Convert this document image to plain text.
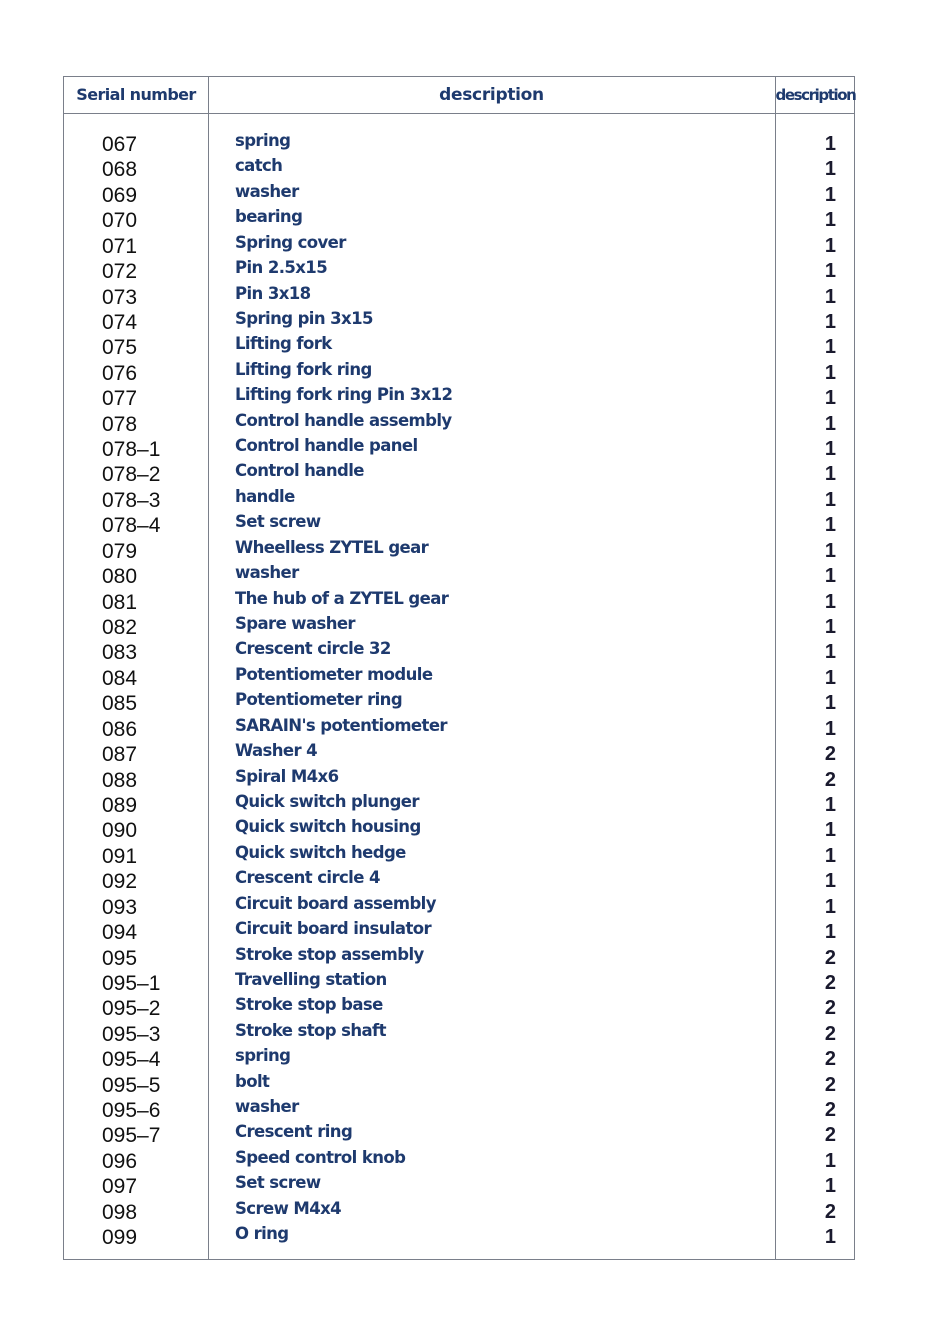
Serial number	description	description
067	spring	1
068	catch	1
069	washer	1
070	bearing	1
071	Spring cover	1
072	Pin 2.5x15	1
073	Pin 3x18	1
074	Spring pin 3x15	1
075	Lifting fork	1
076	Lifting fork ring	1
077	Lifting fork ring Pin 3x12	1
078	Control handle assembly	1
078–1	Control handle panel	1
078–2	Control handle	1
078–3	handle	1
078–4	Set screw	1
079	Wheelless ZYTEL gear	1
080	washer	1
081	The hub of a ZYTEL gear	1
082	Spare washer	1
083	Crescent circle 32	1
084	Potentiometer module	1
085	Potentiometer ring	1
086	SARAIN's potentiometer	1
087	Washer 4	2
088	Spiral M4x6	2
089	Quick switch plunger	1
090	Quick switch housing	1
091	Quick switch hedge	1
092	Crescent circle 4	1
093	Circuit board assembly	1
094	Circuit board insulator	1
095	Stroke stop assembly	2
095–1	Travelling station	2
095–2	Stroke stop base	2
095–3	Stroke stop shaft	2
095–4	spring	2
095–5	bolt	2
095–6	washer	2
095–7	Crescent ring	2
096	Speed control knob	1
097	Set screw	1
098	Screw M4x4	2
099	O ring	1
